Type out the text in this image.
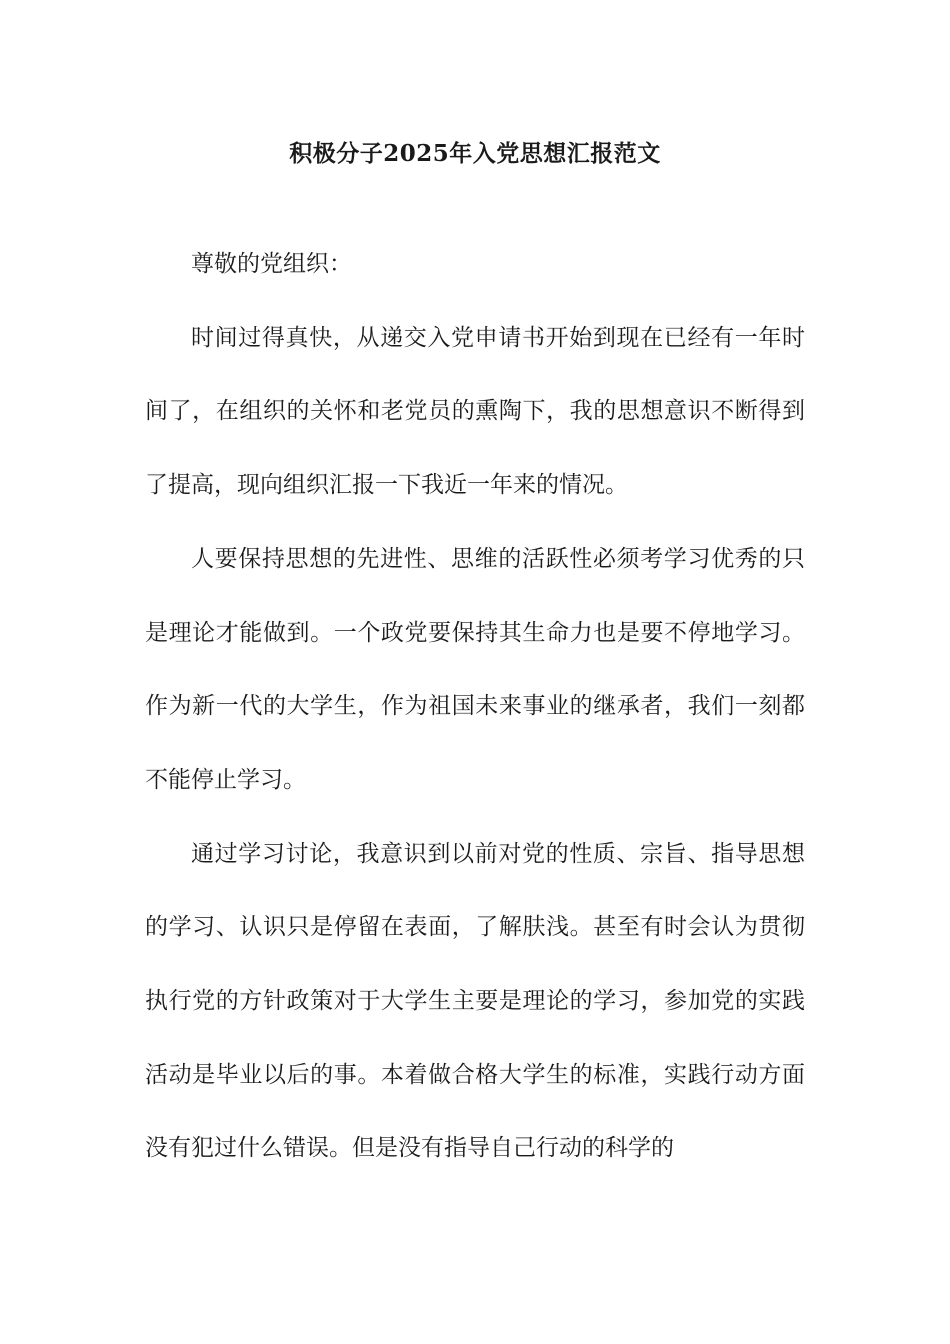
积极分子2025年入党思想汇报范文

尊敬的党组织：

时间过得真快，从递交入党申请书开始到现在已经有一年时间了，在组织的关怀和老党员的熏陶下，我的思想意识不断得到了提高，现向组织汇报一下我近一年来的情况。

人要保持思想的先进性、思维的活跃性必须考学习优秀的只是理论才能做到。一个政党要保持其生命力也是要不停地学习。作为新一代的大学生，作为祖国未来事业的继承者，我们一刻都不能停止学习。

通过学习讨论，我意识到以前对党的性质、宗旨、指导思想的学习、认识只是停留在表面，了解肤浅。甚至有时会认为贯彻执行党的方针政策对于大学生主要是理论的学习，参加党的实践活动是毕业以后的事。本着做合格大学生的标准，实践行动方面没有犯过什么错误。但是没有指导自己行动的科学的
